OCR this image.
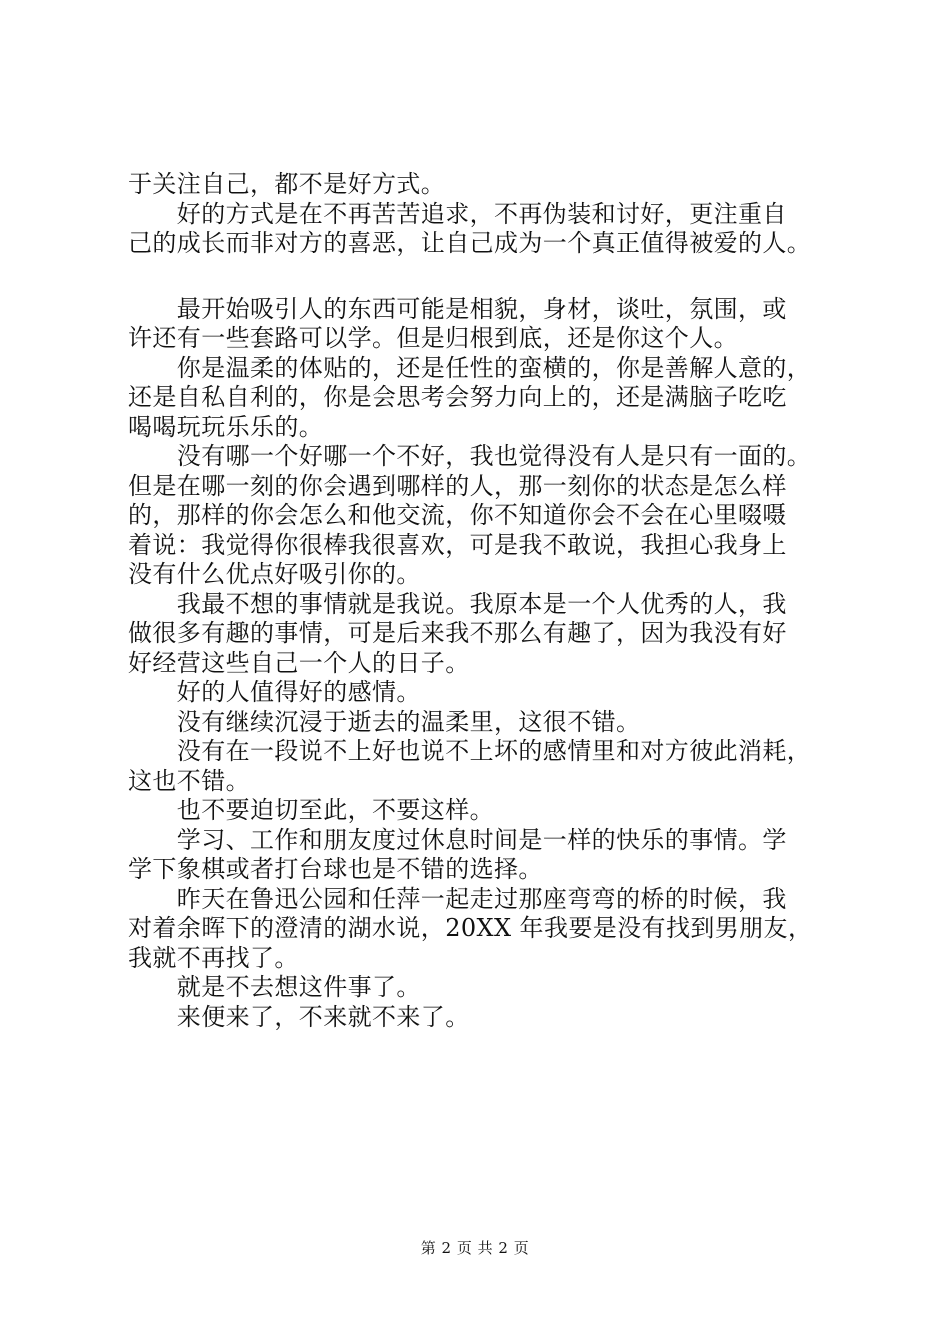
于关注自己，都不是好方式。
　　好的方式是在不再苦苦追求，不再伪装和讨好，更注重自
己的成长而非对方的喜恶，让自己成为一个真正值得被爱的人。
　　最开始吸引人的东西可能是相貌，身材，谈吐，氛围，或
许还有一些套路可以学。但是归根到底，还是你这个人。
　　你是温柔的体贴的，还是任性的蛮横的，你是善解人意的，
还是自私自利的，你是会思考会努力向上的，还是满脑子吃吃
喝喝玩玩乐乐的。
　　没有哪一个好哪一个不好，我也觉得没有人是只有一面的。
但是在哪一刻的你会遇到哪样的人，那一刻你的状态是怎么样
的，那样的你会怎么和他交流，你不知道你会不会在心里啜嗫
着说：我觉得你很棒我很喜欢，可是我不敢说，我担心我身上
没有什么优点好吸引你的。
　　我最不想的事情就是我说。我原本是一个人优秀的人，我
做很多有趣的事情，可是后来我不那么有趣了，因为我没有好
好经营这些自己一个人的日子。
　　好的人值得好的感情。
　　没有继续沉浸于逝去的温柔里，这很不错。
　　没有在一段说不上好也说不上坏的感情里和对方彼此消耗，
这也不错。
　　也不要迫切至此，不要这样。
　　学习、工作和朋友度过休息时间是一样的快乐的事情。学
学下象棋或者打台球也是不错的选择。
　　昨天在鲁迅公园和任萍一起走过那座弯弯的桥的时候，我
对着余晖下的澄清的湖水说，20XX 年我要是没有找到男朋友，
我就不再找了。
　　就是不去想这件事了。
　　来便来了，不来就不来了。
第 2 页 共 2 页
